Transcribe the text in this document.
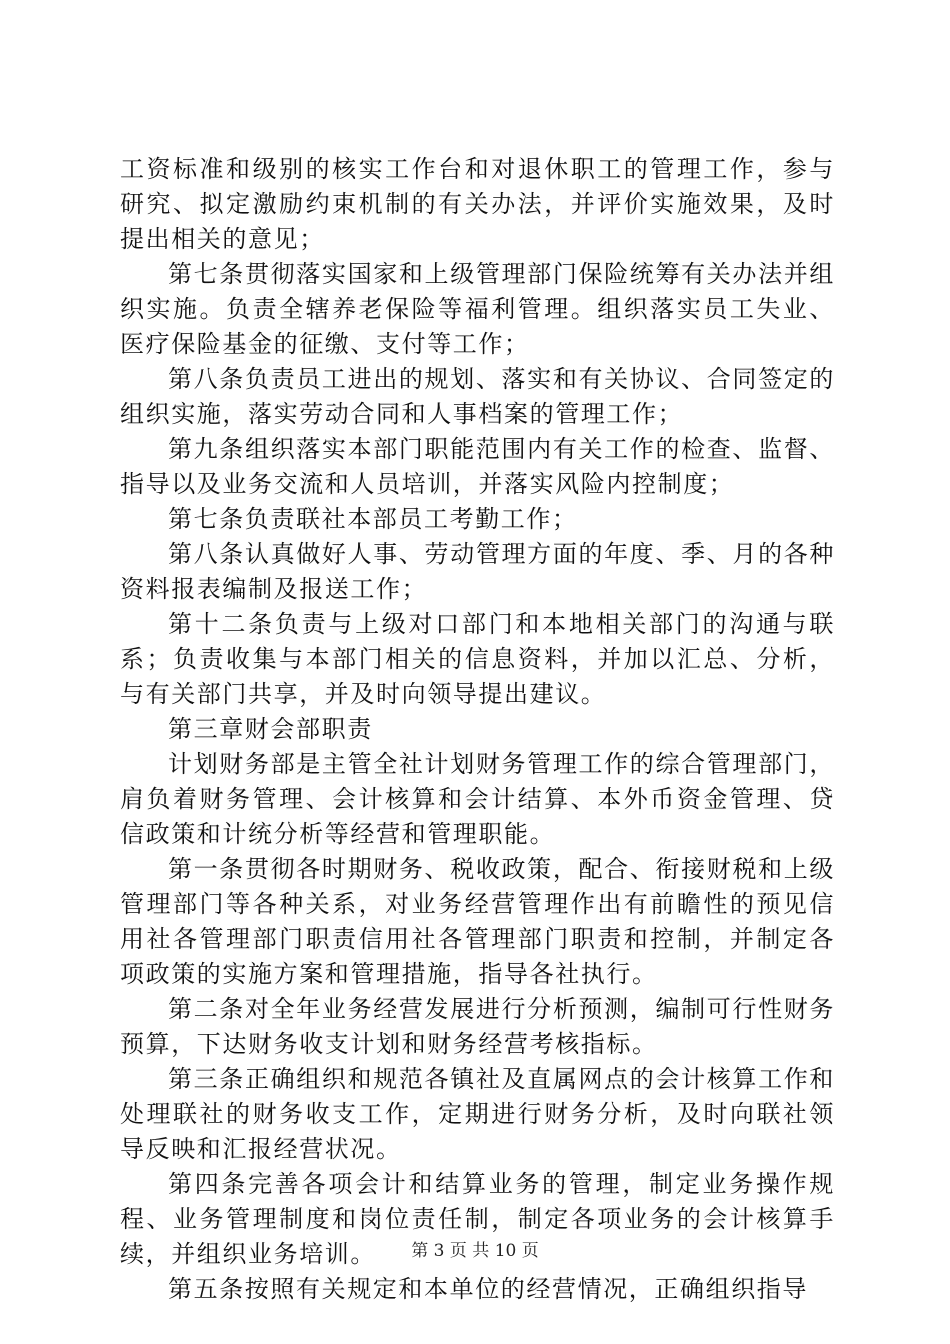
工资标准和级别的核实工作台和对退休职工的管理工作，参与研究、拟定激励约束机制的有关办法，并评价实施效果，及时提出相关的意见；

第七条贯彻落实国家和上级管理部门保险统筹有关办法并组织实施。负责全辖养老保险等福利管理。组织落实员工失业、医疗保险基金的征缴、支付等工作；

第八条负责员工进出的规划、落实和有关协议、合同签定的组织实施，落实劳动合同和人事档案的管理工作；

第九条组织落实本部门职能范围内有关工作的检查、监督、指导以及业务交流和人员培训，并落实风险内控制度；

第七条负责联社本部员工考勤工作；

第八条认真做好人事、劳动管理方面的年度、季、月的各种资料报表编制及报送工作；

第十二条负责与上级对口部门和本地相关部门的沟通与联系；负责收集与本部门相关的信息资料，并加以汇总、分析，与有关部门共享，并及时向领导提出建议。

第三章财会部职责

计划财务部是主管全社计划财务管理工作的综合管理部门，肩负着财务管理、会计核算和会计结算、本外币资金管理、贷信政策和计统分析等经营和管理职能。

第一条贯彻各时期财务、税收政策，配合、衔接财税和上级管理部门等各种关系，对业务经营管理作出有前瞻性的预见信用社各管理部门职责信用社各管理部门职责和控制，并制定各项政策的实施方案和管理措施，指导各社执行。

第二条对全年业务经营发展进行分析预测，编制可行性财务预算，下达财务收支计划和财务经营考核指标。

第三条正确组织和规范各镇社及直属网点的会计核算工作和处理联社的财务收支工作，定期进行财务分析，及时向联社领导反映和汇报经营状况。

第四条完善各项会计和结算业务的管理，制定业务操作规程、业务管理制度和岗位责任制，制定各项业务的会计核算手续，并组织业务培训。

第五条按照有关规定和本单位的经营情况，正确组织指导

第 3 页 共 10 页
